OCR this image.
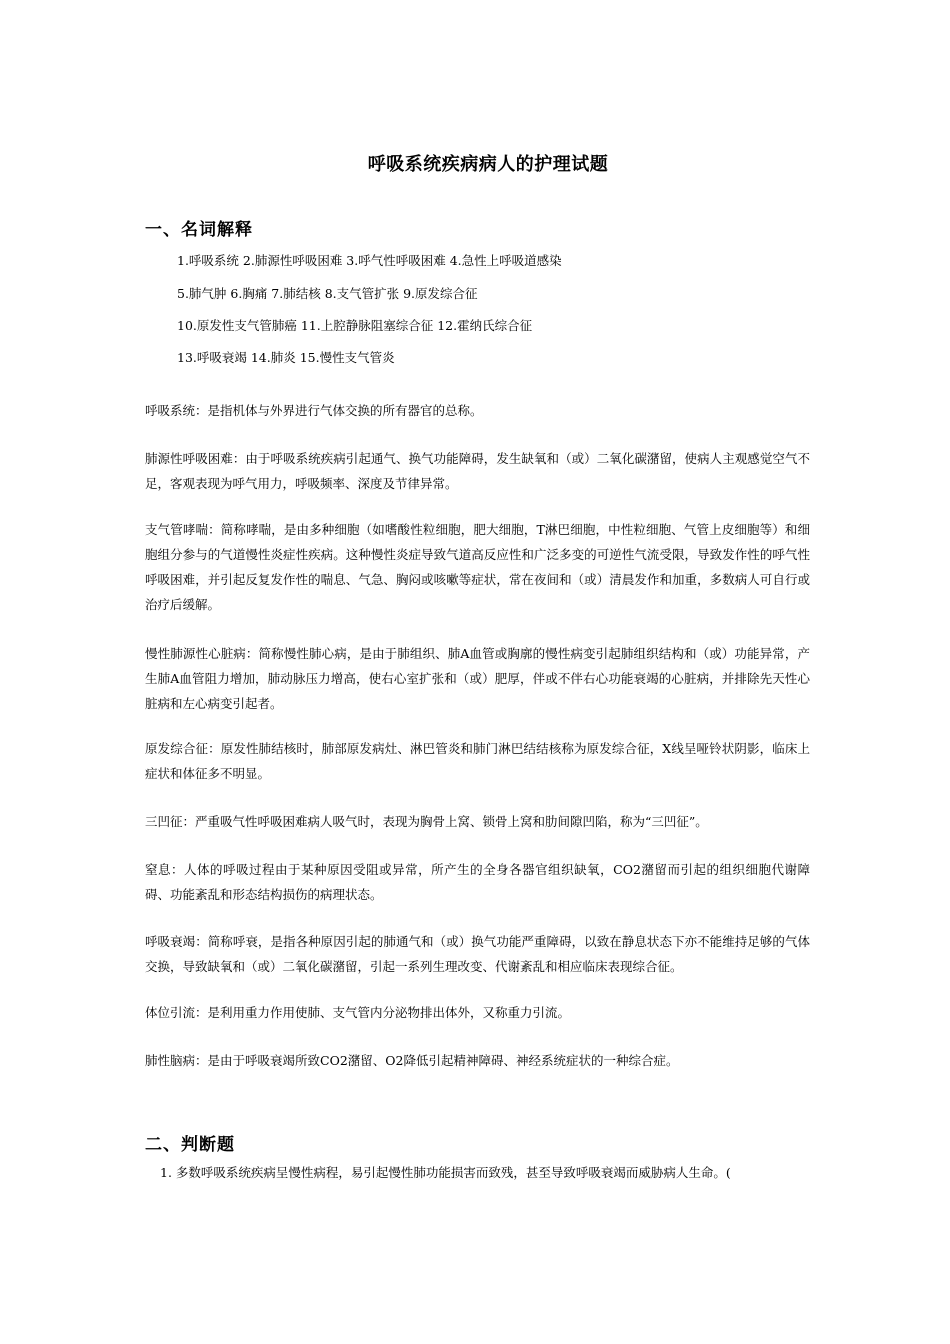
呼吸系统疾病病人的护理试题
一、名词解释
1.呼吸系统 2.肺源性呼吸困难 3.呼气性呼吸困难 4.急性上呼吸道感染
5.肺气肿 6.胸痛 7.肺结核 8.支气管扩张 9.原发综合征
10.原发性支气管肺癌 11.上腔静脉阻塞综合征 12.霍纳氏综合征
13.呼吸衰竭 14.肺炎 15.慢性支气管炎
呼吸系统：是指机体与外界进行气体交换的所有器官的总称。
肺源性呼吸困难：由于呼吸系统疾病引起通气、换气功能障碍，发生缺氧和（或）二氧化碳潴留，使病人主观感觉空气不足，客观表现为呼气用力，呼吸频率、深度及节律异常。
支气管哮喘：简称哮喘，是由多种细胞（如嗜酸性粒细胞，肥大细胞，T淋巴细胞，中性粒细胞、气管上皮细胞等）和细胞组分参与的气道慢性炎症性疾病。这种慢性炎症导致气道高反应性和广泛多变的可逆性气流受限，导致发作性的呼气性呼吸困难，并引起反复发作性的喘息、气急、胸闷或咳嗽等症状，常在夜间和（或）清晨发作和加重，多数病人可自行或治疗后缓解。
慢性肺源性心脏病：简称慢性肺心病，是由于肺组织、肺A血管或胸廓的慢性病变引起肺组织结构和（或）功能异常，产生肺A血管阻力增加，肺动脉压力增高，使右心室扩张和（或）肥厚，伴或不伴右心功能衰竭的心脏病，并排除先天性心脏病和左心病变引起者。
原发综合征：原发性肺结核时，肺部原发病灶、淋巴管炎和肺门淋巴结结核称为原发综合征，X线呈哑铃状阴影，临床上症状和体征多不明显。
三凹征：严重吸气性呼吸困难病人吸气时，表现为胸骨上窝、锁骨上窝和肋间隙凹陷，称为“三凹征”。
窒息：人体的呼吸过程由于某种原因受阻或异常，所产生的全身各器官组织缺氧，CO2潴留而引起的组织细胞代谢障碍、功能紊乱和形态结构损伤的病理状态。
呼吸衰竭：简称呼衰，是指各种原因引起的肺通气和（或）换气功能严重障碍，以致在静息状态下亦不能维持足够的气体交换，导致缺氧和（或）二氧化碳潴留，引起一系列生理改变、代谢紊乱和相应临床表现综合征。
体位引流：是利用重力作用使肺、支气管内分泌物排出体外，又称重力引流。
肺性脑病：是由于呼吸衰竭所致CO2潴留、O2降低引起精神障碍、神经系统症状的一种综合症。
二、判断题
1. 多数呼吸系统疾病呈慢性病程，易引起慢性肺功能损害而致残，甚至导致呼吸衰竭而威胁病人生命。(
